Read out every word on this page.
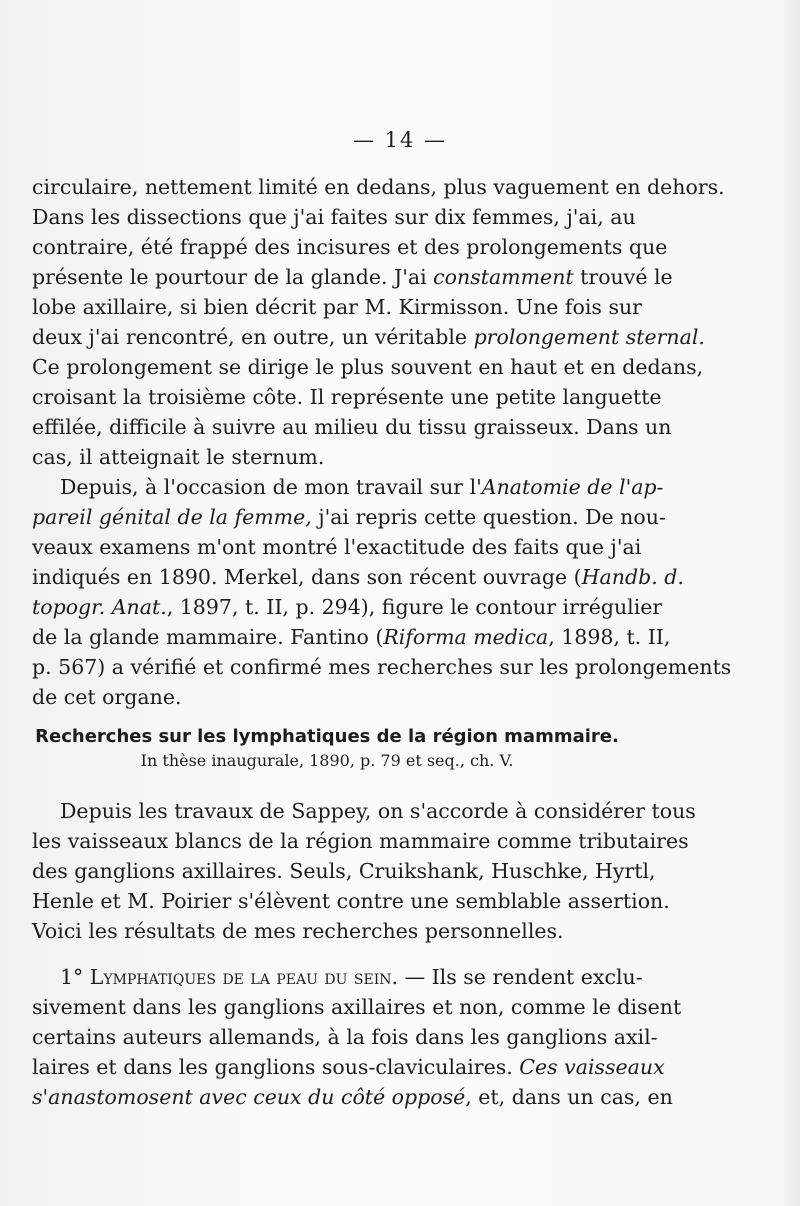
— 14 —
circulaire, nettement limité en dedans, plus vaguement en dehors.
Dans les dissections que j'ai faites sur dix femmes, j'ai, au
contraire, été frappé des incisures et des prolongements que
présente le pourtour de la glande. J'ai constamment trouvé le
lobe axillaire, si bien décrit par M. Kirmisson. Une fois sur
deux j'ai rencontré, en outre, un véritable prolongement sternal.
Ce prolongement se dirige le plus souvent en haut et en dedans,
croisant la troisième côte. Il représente une petite languette
effilée, difficile à suivre au milieu du tissu graisseux. Dans un
cas, il atteignait le sternum.
Depuis, à l'occasion de mon travail sur l'Anatomie de l'ap-
pareil génital de la femme, j'ai repris cette question. De nou-
veaux examens m'ont montré l'exactitude des faits que j'ai
indiqués en 1890. Merkel, dans son récent ouvrage (Handb. d.
topogr. Anat., 1897, t. II, p. 294), figure le contour irrégulier
de la glande mammaire. Fantino (Riforma medica, 1898, t. II,
p. 567) a vérifié et confirmé mes recherches sur les prolongements
de cet organe.
Recherches sur les lymphatiques de la région mammaire.
In thèse inaugurale, 1890, p. 79 et seq., ch. V.
Depuis les travaux de Sappey, on s'accorde à considérer tous
les vaisseaux blancs de la région mammaire comme tributaires
des ganglions axillaires. Seuls, Cruikshank, Huschke, Hyrtl,
Henle et M. Poirier s'élèvent contre une semblable assertion.
Voici les résultats de mes recherches personnelles.
1° Lymphatiques de la peau du sein. — Ils se rendent exclu-
sivement dans les ganglions axillaires et non, comme le disent
certains auteurs allemands, à la fois dans les ganglions axil-
laires et dans les ganglions sous-claviculaires. Ces vaisseaux
s'anastomosent avec ceux du côté opposé, et, dans un cas, en
